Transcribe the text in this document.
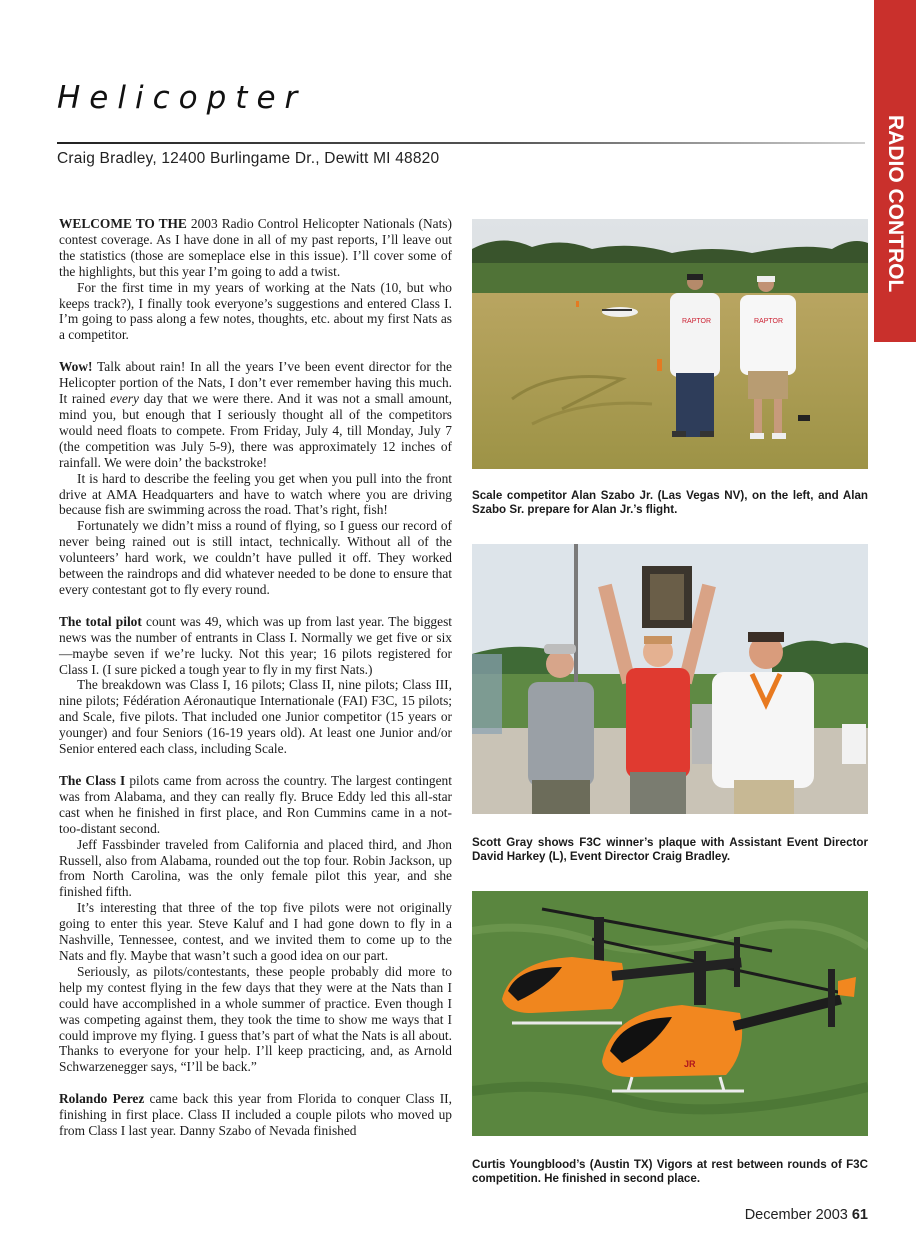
Helicopter
Craig Bradley, 12400 Burlingame Dr., Dewitt MI 48820

WELCOME TO THE 2003 Radio Control Helicopter Nationals (Nats) contest coverage. As I have done in all of my past reports, I’ll leave out the statistics (those are someplace else in this issue). I’ll cover some of the highlights, but this year I’m going to add a twist.

For the first time in my years of working at the Nats (10, but who keeps track?), I finally took everyone’s suggestions and entered Class I. I’m going to pass along a few notes, thoughts, etc. about my first Nats as a competitor.

Wow! Talk about rain! In all the years I’ve been event director for the Helicopter portion of the Nats, I don’t ever remember having this much. It rained every day that we were there. And it was not a small amount, mind you, but enough that I seriously thought all of the competitors would need floats to compete. From Friday, July 4, till Monday, July 7 (the competition was July 5-9), there was approximately 12 inches of rainfall. We were doin’ the backstroke!

It is hard to describe the feeling you get when you pull into the front drive at AMA Headquarters and have to watch where you are driving because fish are swimming across the road. That’s right, fish!

Fortunately we didn’t miss a round of flying, so I guess our record of never being rained out is still intact, technically. Without all of the volunteers’ hard work, we couldn’t have pulled it off. They worked between the raindrops and did whatever needed to be done to ensure that every contestant got to fly every round.

The total pilot count was 49, which was up from last year. The biggest news was the number of entrants in Class I. Normally we get five or six—maybe seven if we’re lucky. Not this year; 16 pilots registered for Class I. (I sure picked a tough year to fly in my first Nats.)

The breakdown was Class I, 16 pilots; Class II, nine pilots; Class III, nine pilots; Fédération Aéronautique Internationale (FAI) F3C, 15 pilots; and Scale, five pilots. That included one Junior competitor (15 years or younger) and four Seniors (16-19 years old). At least one Junior and/or Senior entered each class, including Scale.

The Class I pilots came from across the country. The largest contingent was from Alabama, and they can really fly. Bruce Eddy led this all-star cast when he finished in first place, and Ron Cummins came in a not-too-distant second.

Jeff Fassbinder traveled from California and placed third, and Jhon Russell, also from Alabama, rounded out the top four. Robin Jackson, up from North Carolina, was the only female pilot this year, and she finished fifth.

It’s interesting that three of the top five pilots were not originally going to enter this year. Steve Kaluf and I had gone down to fly in a Nashville, Tennessee, contest, and we invited them to come up to the Nats and fly. Maybe that wasn’t such a good idea on our part.

Seriously, as pilots/contestants, these people probably did more to help my contest flying in the few days that they were at the Nats than I could have accomplished in a whole summer of practice. Even though I was competing against them, they took the time to show me ways that I could improve my flying. I guess that’s part of what the Nats is all about. Thanks to everyone for your help. I’ll keep practicing, and, as Arnold Schwarzenegger says, “I’ll be back.”

Rolando Perez came back this year from Florida to conquer Class II, finishing in first place. Class II included a couple pilots who moved up from Class I last year. Danny Szabo of Nevada finished

RAPTOR	RAPTOR
Scale competitor Alan Szabo Jr. (Las Vegas NV), on the left, and Alan Szabo Sr. prepare for Alan Jr.’s flight.
Scott Gray shows F3C winner’s plaque with Assistant Event Director David Harkey (L), Event Director Craig Bradley.
JR
Curtis Youngblood’s (Austin TX) Vigors at rest between rounds of F3C competition. He finished in second place.
December 2003 61
